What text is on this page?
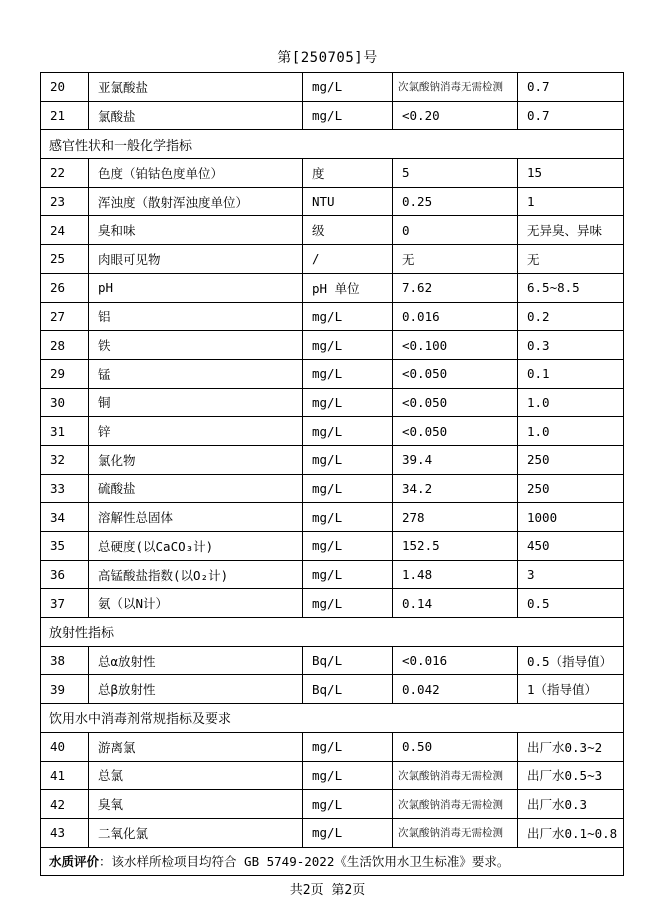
第[250705]号
20	亚氯酸盐	mg/L	次氯酸钠消毒无需检测	0.7
21	氯酸盐	mg/L	<0.20	0.7
感官性状和一般化学指标				
22	色度（铂钴色度单位）	度	5	15
23	浑浊度（散射浑浊度单位）	NTU	0.25	1
24	臭和味	级	0	无异臭、异味
25	肉眼可见物	/	无	无
26	pH	pH 单位	7.62	6.5~8.5
27	铝	mg/L	0.016	0.2
28	铁	mg/L	<0.100	0.3
29	锰	mg/L	<0.050	0.1
30	铜	mg/L	<0.050	1.0
31	锌	mg/L	<0.050	1.0
32	氯化物	mg/L	39.4	250
33	硫酸盐	mg/L	34.2	250
34	溶解性总固体	mg/L	278	1000
35	总硬度(以CaCO₃计)	mg/L	152.5	450
36	高锰酸盐指数(以O₂计)	mg/L	1.48	3
37	氨（以N计）	mg/L	0.14	0.5
放射性指标				
38	总α放射性	Bq/L	<0.016	0.5（指导值）
39	总β放射性	Bq/L	0.042	1（指导值）
饮用水中消毒剂常规指标及要求				
40	游离氯	mg/L	0.50	出厂水0.3~2
41	总氯	mg/L	次氯酸钠消毒无需检测	出厂水0.5~3
42	臭氧	mg/L	次氯酸钠消毒无需检测	出厂水0.3
43	二氧化氯	mg/L	次氯酸钠消毒无需检测	出厂水0.1~0.8
水质评价：该水样所检项目均符合 GB 5749-2022《生活饮用水卫生标准》要求。				
共2页 第2页
